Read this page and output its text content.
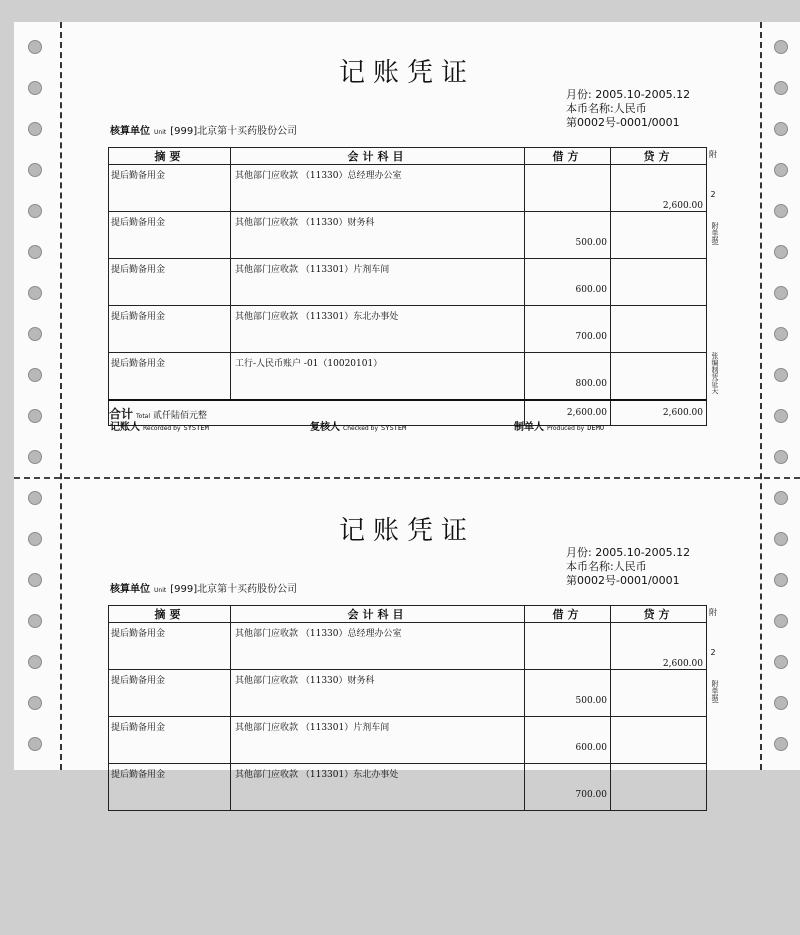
记账凭证
月份: 2005.10-2005.12
本币名称:人民币
第0002号-0001/0001
核算单位 Unit [999]北京第十买药股份公司
摘要	会计科目	借方	贷方
提后勤备用金	其他部门应收款 （11330）总经理办公室		2,600.00

提后勤备用金	其他部门应收款 （11330）财务科	500.00	

提后勤备用金	其他部门应收款 （113301）片剂车间	600.00	

提后勤备用金	其他部门应收款 （113301）东北办事处	700.00	

提后勤备用金	工行-人民币账户 -01（10020101）	800.00	

合计 Total 贰仟陆佰元整		2,600.00	2,600.00
附
2
附单据(
张编制凭证天
记账人 Recorded by SYSTEM	复核人 Checked by SYSTEM	制单人 Produced by DEMO
记账凭证
月份: 2005.10-2005.12
本币名称:人民币
第0002号-0001/0001
核算单位 Unit [999]北京第十买药股份公司
摘要	会计科目	借方	贷方
提后勤备用金	其他部门应收款 （11330）总经理办公室		2,600.00

提后勤备用金	其他部门应收款 （11330）财务科	500.00	

提后勤备用金	其他部门应收款 （113301）片剂车间	600.00	

提后勤备用金	其他部门应收款 （113301）东北办事处	700.00	

附
2
附单据(
